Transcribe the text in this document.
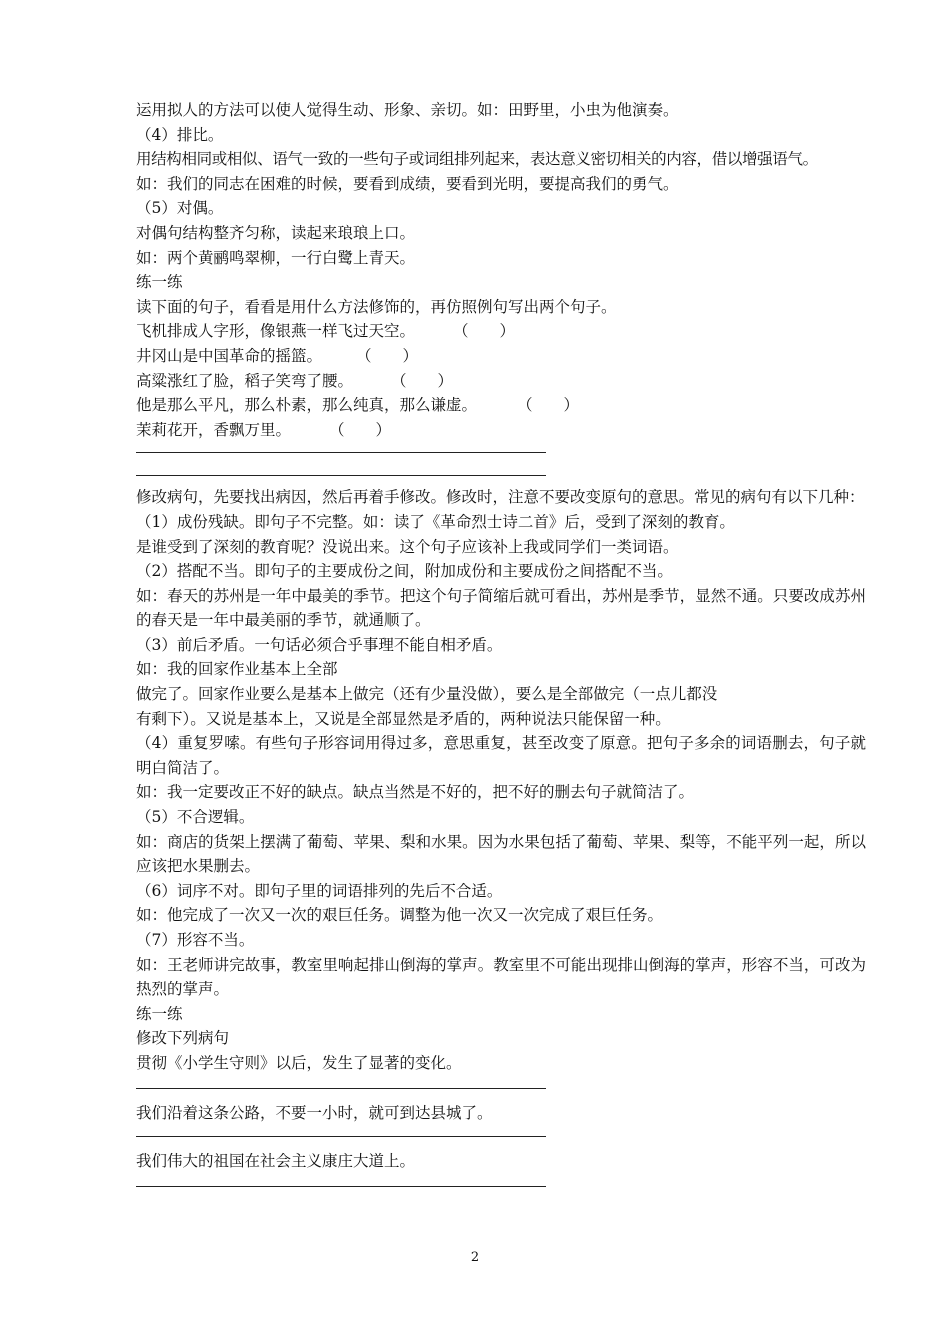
运用拟人的方法可以使人觉得生动、形象、亲切。如：田野里，小虫为他演奏。
（4）排比。
用结构相同或相似、语气一致的一些句子或词组排列起来，表达意义密切相关的内容，借以增强语气。
如：我们的同志在困难的时候，要看到成绩，要看到光明，要提高我们的勇气。
（5）对偶。
对偶句结构整齐匀称，读起来琅琅上口。
如：两个黄鹂鸣翠柳，一行白鹭上青天。
练一练
读下面的句子，看看是用什么方法修饰的，再仿照例句写出两个句子。
飞机排成人字形，像银燕一样飞过天空。 （　　）
井冈山是中国革命的摇篮。 （　　）
高粱涨红了脸，稻子笑弯了腰。 （　　）
他是那么平凡，那么朴素，那么纯真，那么谦虚。	（　　）
茉莉花开，香飘万里。 （　　）
修改病句，先要找出病因，然后再着手修改。修改时，注意不要改变原句的意思。常见的病句有以下几种：
（1）成份残缺。即句子不完整。如：读了《革命烈士诗二首》后，受到了深刻的教育。
是谁受到了深刻的教育呢？没说出来。这个句子应该补上我或同学们一类词语。
（2）搭配不当。即句子的主要成份之间，附加成份和主要成份之间搭配不当。
如：春天的苏州是一年中最美的季节。把这个句子简缩后就可看出，苏州是季节，显然不通。只要改成苏州的春天是一年中最美丽的季节，就通顺了。
（3）前后矛盾。一句话必须合乎事理不能自相矛盾。
如：我的回家作业基本上全部
做完了。回家作业要么是基本上做完（还有少量没做），要么是全部做完（一点儿都没
有剩下）。又说是基本上，又说是全部显然是矛盾的，两种说法只能保留一种。
（4）重复罗嗦。有些句子形容词用得过多，意思重复，甚至改变了原意。把句子多余的词语删去，句子就明白简洁了。
如：我一定要改正不好的缺点。缺点当然是不好的，把不好的删去句子就简洁了。
（5）不合逻辑。
如：商店的货架上摆满了葡萄、苹果、梨和水果。因为水果包括了葡萄、苹果、梨等，不能平列一起，所以应该把水果删去。
（6）词序不对。即句子里的词语排列的先后不合适。
如：他完成了一次又一次的艰巨任务。调整为他一次又一次完成了艰巨任务。
（7）形容不当。
如：王老师讲完故事，教室里响起排山倒海的掌声。教室里不可能出现排山倒海的掌声，形容不当，可改为热烈的掌声。
练一练
修改下列病句
贯彻《小学生守则》以后，发生了显著的变化。
我们沿着这条公路，不要一小时，就可到达县城了。
我们伟大的祖国在社会主义康庄大道上。
2
